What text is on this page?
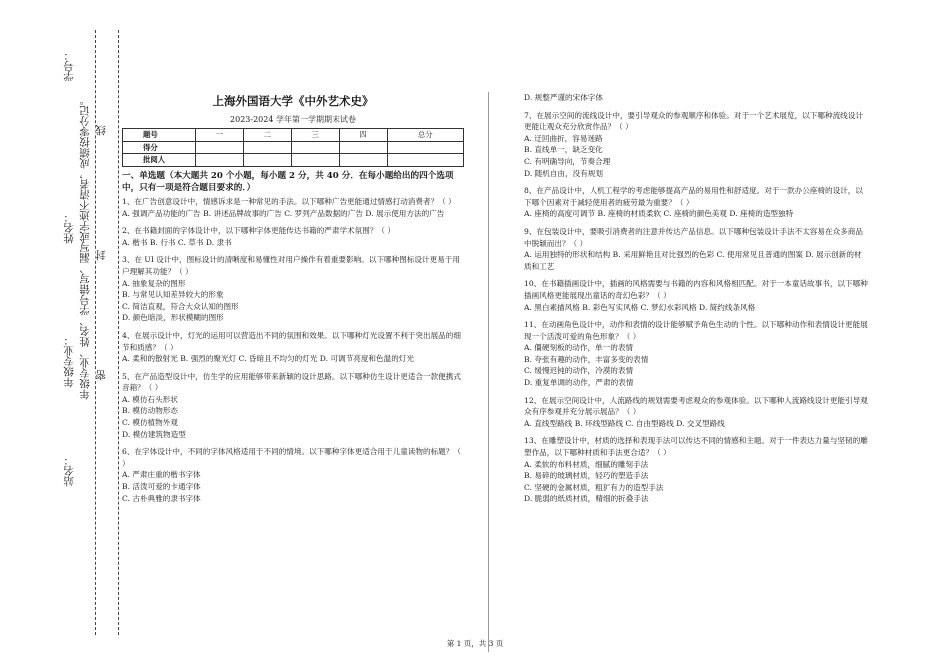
学号：
姓名：
年级专业：
站名：
年级专业、姓名、学号错写、漏写或字迹不清者，成绩按零分记。 线
封
密
上海外国语大学《中外艺术史》
2023-2024 学年第一学期期末试卷
题号	一	二	三	四	总分
得分					
批阅人					
一、单选题（本大题共 20 个小题，每小题 2 分，共 40 分．在每小题给出的四个选项中，只有一项是符合题目要求的．）

1、在广告创意设计中，情感诉求是一种常见的手法。以下哪种广告更能通过情感打动消费者？（ ）

A. 强调产品功能的广告 B. 讲述品牌故事的广告 C. 罗列产品数据的广告 D. 展示使用方法的广告

2、在书籍封面的字体设计中，以下哪种字体更能传达书籍的严肃学术氛围？（ ）

A. 楷书 B. 行书 C. 草书 D. 隶书

3、在 UI 设计中，图标设计的清晰度和易懂性对用户操作有着重要影响。以下哪种图标设计更易于用户理解其功能？（ ）

A. 抽象复杂的图形

B. 与常见认知差异较大的形象

C. 简洁直观，符合大众认知的图形

D. 颜色暗淡，形状模糊的图形

4、在展示设计中，灯光的运用可以营造出不同的氛围和效果。以下哪种灯光设置不利于突出展品的细节和质感？（ ）

A. 柔和的散射光 B. 强烈的聚光灯 C. 昏暗且不均匀的灯光 D. 可调节亮度和色温的灯光

5、在产品造型设计中，仿生学的应用能够带来新颖的设计思路。以下哪种仿生设计更适合一款便携式音箱？（ ）

A. 模仿石头形状

B. 模仿动物形态

C. 模仿植物外观

D. 模仿建筑物造型

6、在字体设计中，不同的字体风格适用于不同的情境。以下哪种字体更适合用于儿童读物的标题？（ ）

A. 严肃庄重的楷书字体

B. 活泼可爱的卡通字体

C. 古朴典雅的隶书字体

D. 规整严谨的宋体字体

7、在展示空间的流线设计中，要引导观众的参观顺序和体验。对于一个艺术展览，以下哪种流线设计更能让观众充分欣赏作品？（ ）

A. 迂回曲折，容易迷路

B. 直线单一，缺乏变化

C. 有明确导向，节奏合理

D. 随机自由，没有规划

8、在产品设计中，人机工程学的考虑能够提高产品的易用性和舒适度。对于一款办公座椅的设计，以下哪个因素对于减轻使用者的疲劳最为重要？（ ）

A. 座椅的高度可调节 B. 座椅的材质柔软 C. 座椅的颜色美观 D. 座椅的造型独特

9、在包装设计中，要吸引消费者的注意并传达产品信息。以下哪种包装设计手法不太容易在众多商品中脱颖而出？（ ）

A. 运用独特的形状和结构 B. 采用鲜艳且对比强烈的色彩 C. 使用常见且普通的图案 D. 展示创新的材质和工艺

10、在书籍插画设计中，插画的风格需要与书籍的内容和风格相匹配。对于一本童话故事书，以下哪种插画风格更能展现出童话的奇幻色彩？（ ）

A. 黑白素描风格 B. 彩色写实风格 C. 梦幻水彩风格 D. 简约线条风格

11、在动画角色设计中，动作和表情的设计能够赋予角色生动的个性。以下哪种动作和表情设计更能展现一个活泼可爱的角色形象？（ ）

A. 僵硬刻板的动作，单一的表情

B. 夸张有趣的动作，丰富多变的表情

C. 缓慢迟钝的动作，冷漠的表情

D. 重复单调的动作，严肃的表情

12、在展示空间设计中，人流路线的规划需要考虑观众的参观体验。以下哪种人流路线设计更能引导观众有序参观并充分展示展品？（ ）

A. 直线型路线 B. 环线型路线 C. 自由型路线 D. 交叉型路线

13、在雕塑设计中，材质的选择和表现手法可以传达不同的情感和主题。对于一件表达力量与坚韧的雕塑作品，以下哪种材质和手法更合适？（ ）

A. 柔软的布料材质，细腻的雕刻手法

B. 易碎的玻璃材质，轻巧的塑造手法

C. 坚硬的金属材质，粗犷有力的造型手法

D. 脆弱的纸质材质，精细的折叠手法

第 1 页，共 3 页
